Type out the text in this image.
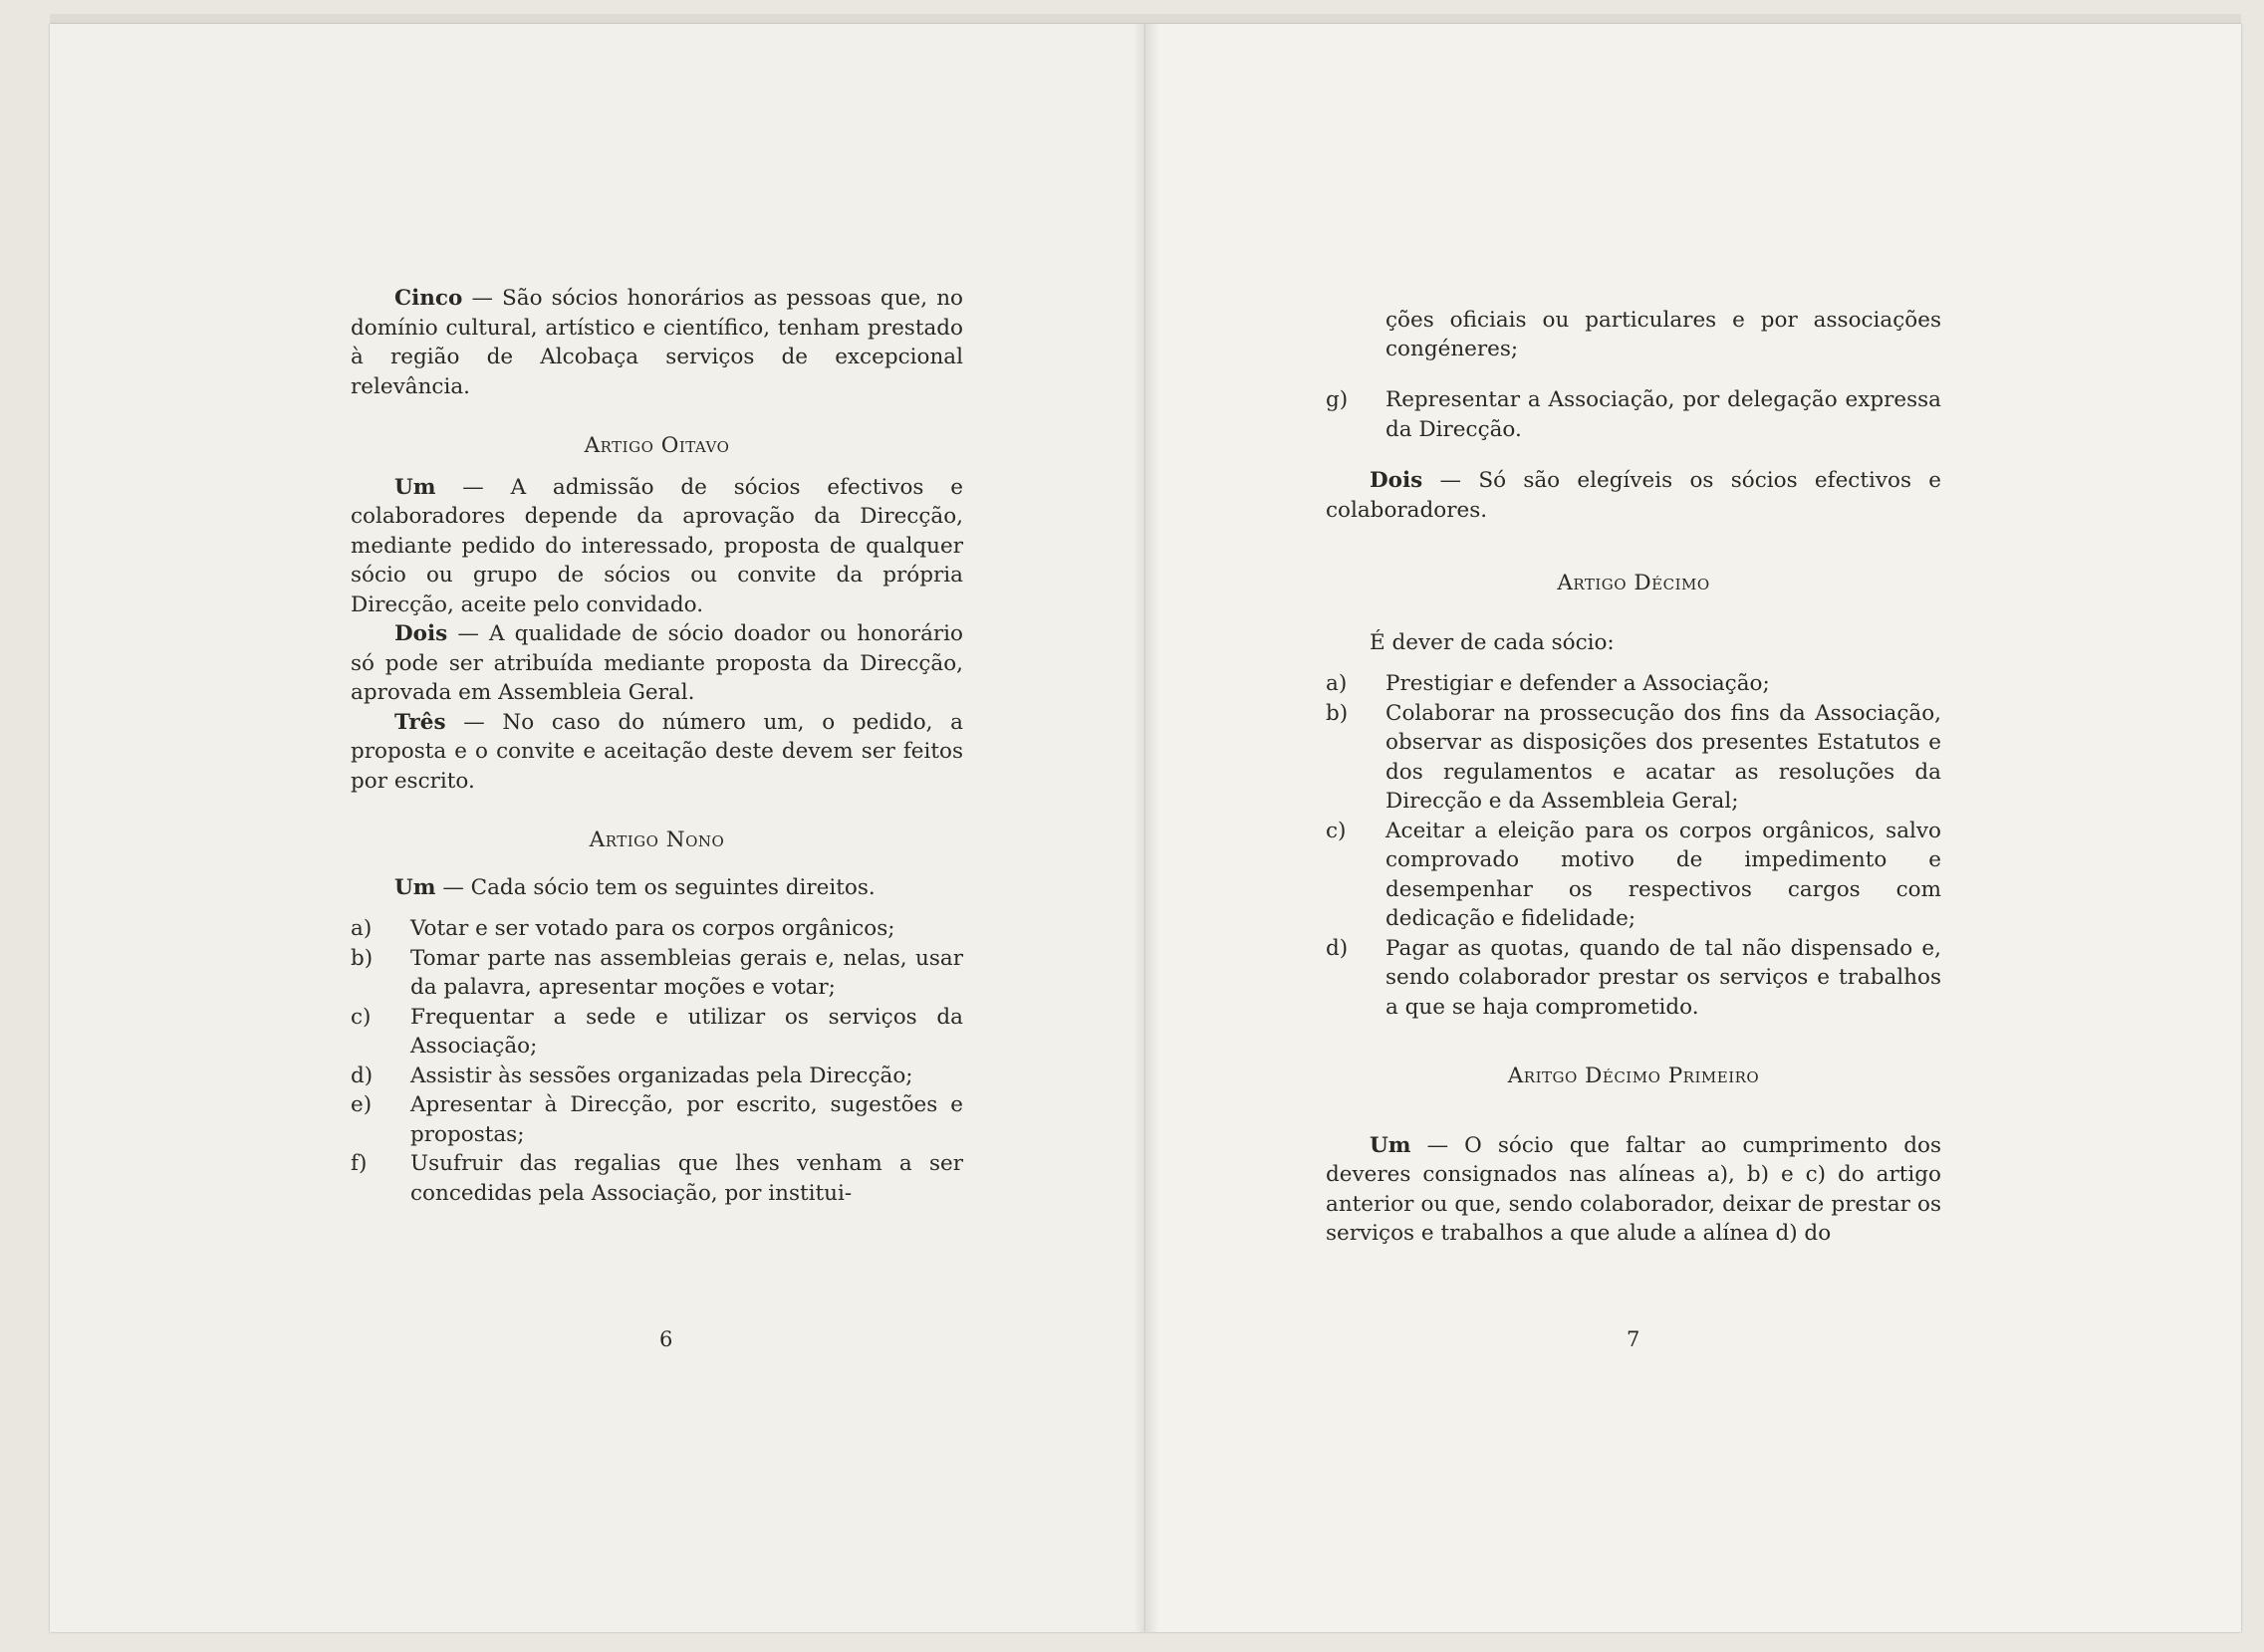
Cinco — São sócios honorários as pessoas que, no domínio cultural, artístico e científico, tenham prestado à região de Alcobaça serviços de excepcional relevância.

Artigo Oitavo

Um — A admissão de sócios efectivos e colaboradores depende da aprovação da Direcção, mediante pedido do interessado, proposta de qualquer sócio ou grupo de sócios ou convite da própria Direcção, aceite pelo convidado.

Dois — A qualidade de sócio doador ou honorário só pode ser atribuída mediante proposta da Direcção, aprovada em Assembleia Geral.

Três — No caso do número um, o pedido, a proposta e o convite e aceitação deste devem ser feitos por escrito.

Artigo Nono

Um — Cada sócio tem os seguintes direitos.

a)	Votar e ser votado para os corpos orgânicos;
b)	Tomar parte nas assembleias gerais e, nelas, usar da palavra, apresentar moções e votar;
c)	Frequentar a sede e utilizar os serviços da Associação;
d)	Assistir às sessões organizadas pela Direcção;
e)	Apresentar à Direcção, por escrito, sugestões e propostas;
f)	Usufruir das regalias que lhes venham a ser concedidas pela Associação, por institui-
6

ções oficiais ou particulares e por associações congéneres;

g)	Representar a Associação, por delegação expressa da Direcção.

Dois — Só são elegíveis os sócios efectivos e colaboradores.

Artigo Décimo

É dever de cada sócio:

a)	Prestigiar e defender a Associação;
b)	Colaborar na prossecução dos fins da Associação, observar as disposições dos presentes Estatutos e dos regulamentos e acatar as resoluções da Direcção e da Assembleia Geral;
c)	Aceitar a eleição para os corpos orgânicos, salvo comprovado motivo de impedimento e desempenhar os respectivos cargos com dedicação e fidelidade;
d)	Pagar as quotas, quando de tal não dispensado e, sendo colaborador prestar os serviços e trabalhos a que se haja comprometido.

Aritgo Décimo Primeiro

Um — O sócio que faltar ao cumprimento dos deveres consignados nas alíneas a), b) e c) do artigo anterior ou que, sendo colaborador, deixar de prestar os serviços e trabalhos a que alude a alínea d) do

7
